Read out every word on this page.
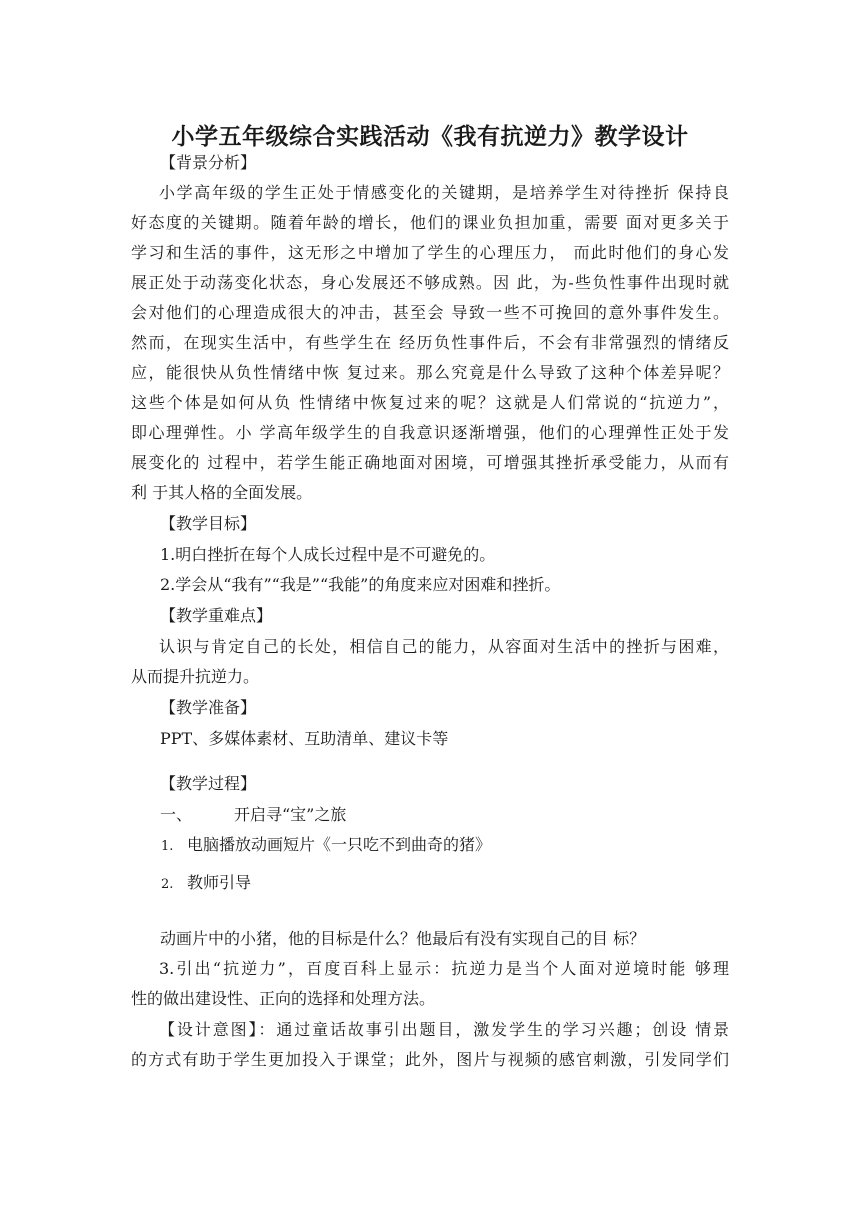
小学五年级综合实践活动《我有抗逆力》教学设计
【背景分析】
小学高年级的学生正处于情感变化的关键期，是培养学生对待挫折 保持良
好态度的关键期。随着年龄的增长，他们的课业负担加重，需要 面对更多关于
学习和生活的事件，这无形之中增加了学生的心理压力， 而此时他们的身心发
展正处于动荡变化状态，身心发展还不够成熟。因 此，为-些负性事件出现时就
会对他们的心理造成很大的冲击，甚至会 导致一些不可挽回的意外事件发生。
然而，在现实生活中，有些学生在 经历负性事件后，不会有非常强烈的情绪反
应，能很快从负性情绪中恢 复过来。那么究竟是什么导致了这种个体差异呢？
这些个体是如何从负 性情绪中恢复过来的呢？这就是人们常说的“抗逆力”，
即心理弹性。小 学高年级学生的自我意识逐渐增强，他们的心理弹性正处于发
展变化的 过程中，若学生能正确地面对困境，可增强其挫折承受能力，从而有
利 于其人格的全面发展。
【教学目标】
1.明白挫折在每个人成长过程中是不可避免的。
2.学会从“我有”“我是”“我能”的角度来应对困难和挫折。
【教学重难点】
认识与肯定自己的长处，相信自己的能力，从容面对生活中的挫折与困难，
从而提升抗逆力。
【教学准备】
PPT、多媒体素材、互助清单、建议卡等
【教学过程】
一、	开启寻“宝”之旅
1. 电脑播放动画短片《一只吃不到曲奇的猪》
2. 教师引导
动画片中的小猪，他的目标是什么？他最后有没有实现自己的目 标？
3.引出“抗逆力”，百度百科上显示：抗逆力是当个人面对逆境时能 够理
性的做出建设性、正向的选择和处理方法。
【设计意图】：通过童话故事引出题目，激发学生的学习兴趣；创设 情景
的方式有助于学生更加投入于课堂；此外，图片与视频的感官刺激，引发同学们
